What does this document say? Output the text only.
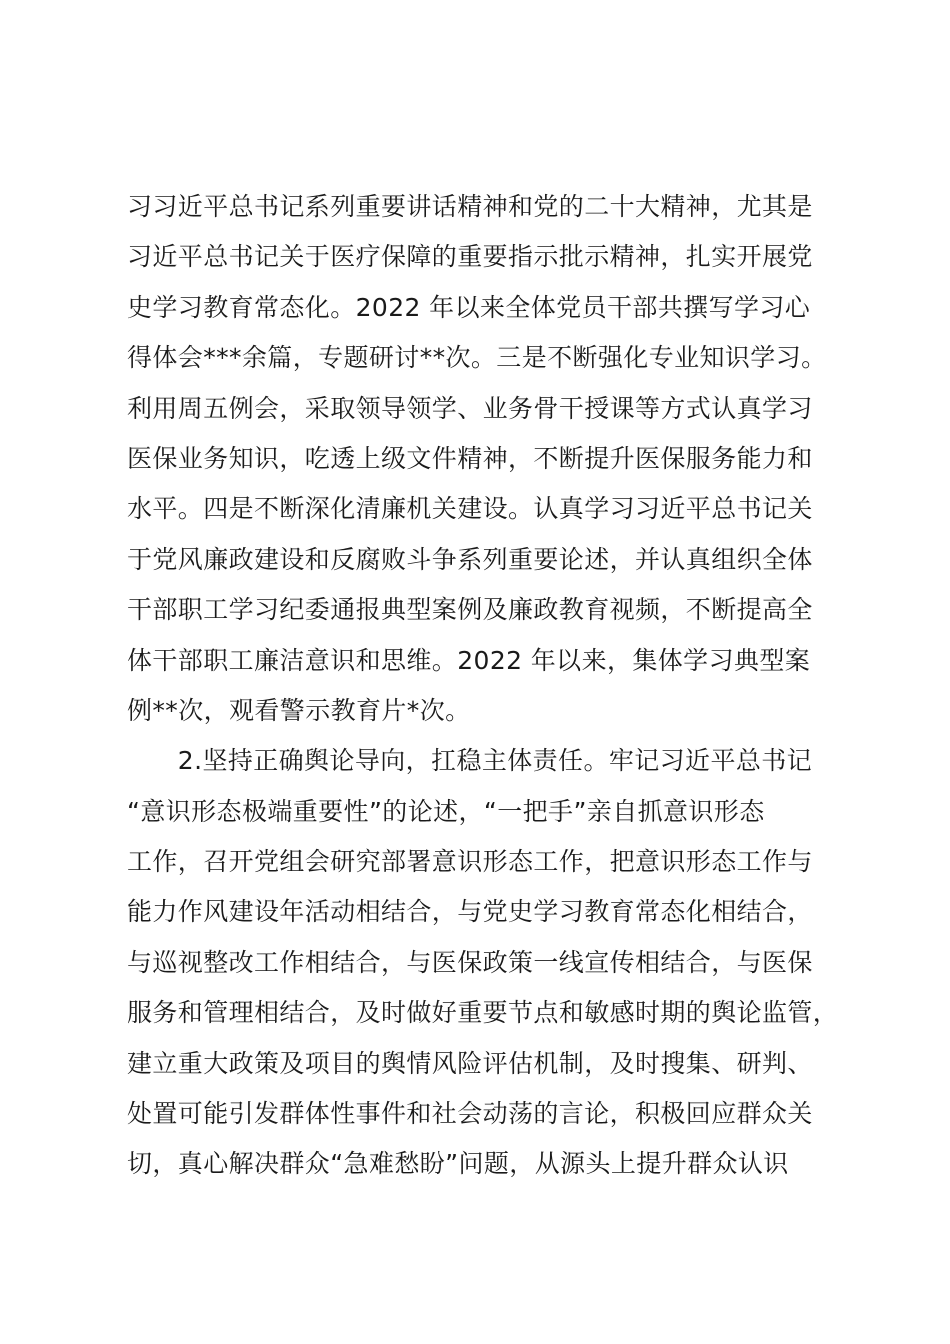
习习近平总书记系列重要讲话精神和党的二十大精神，尤其是
习近平总书记关于医疗保障的重要指示批示精神，扎实开展党
史学习教育常态化。2022 年以来全体党员干部共撰写学习心
得体会***余篇，专题研讨**次。三是不断强化专业知识学习。
利用周五例会，采取领导领学、业务骨干授课等方式认真学习
医保业务知识，吃透上级文件精神，不断提升医保服务能力和
水平。四是不断深化清廉机关建设。认真学习习近平总书记关
于党风廉政建设和反腐败斗争系列重要论述，并认真组织全体
干部职工学习纪委通报典型案例及廉政教育视频，不断提高全
体干部职工廉洁意识和思维。2022 年以来，集体学习典型案
例**次，观看警示教育片*次。
　　2.坚持正确舆论导向，扛稳主体责任。牢记习近平总书记
“意识形态极端重要性”的论述，“一把手”亲自抓意识形态
工作，召开党组会研究部署意识形态工作，把意识形态工作与
能力作风建设年活动相结合，与党史学习教育常态化相结合，
与巡视整改工作相结合，与医保政策一线宣传相结合，与医保
服务和管理相结合，及时做好重要节点和敏感时期的舆论监管，
建立重大政策及项目的舆情风险评估机制，及时搜集、研判、
处置可能引发群体性事件和社会动荡的言论，积极回应群众关
切，真心解决群众“急难愁盼”问题，从源头上提升群众认识
